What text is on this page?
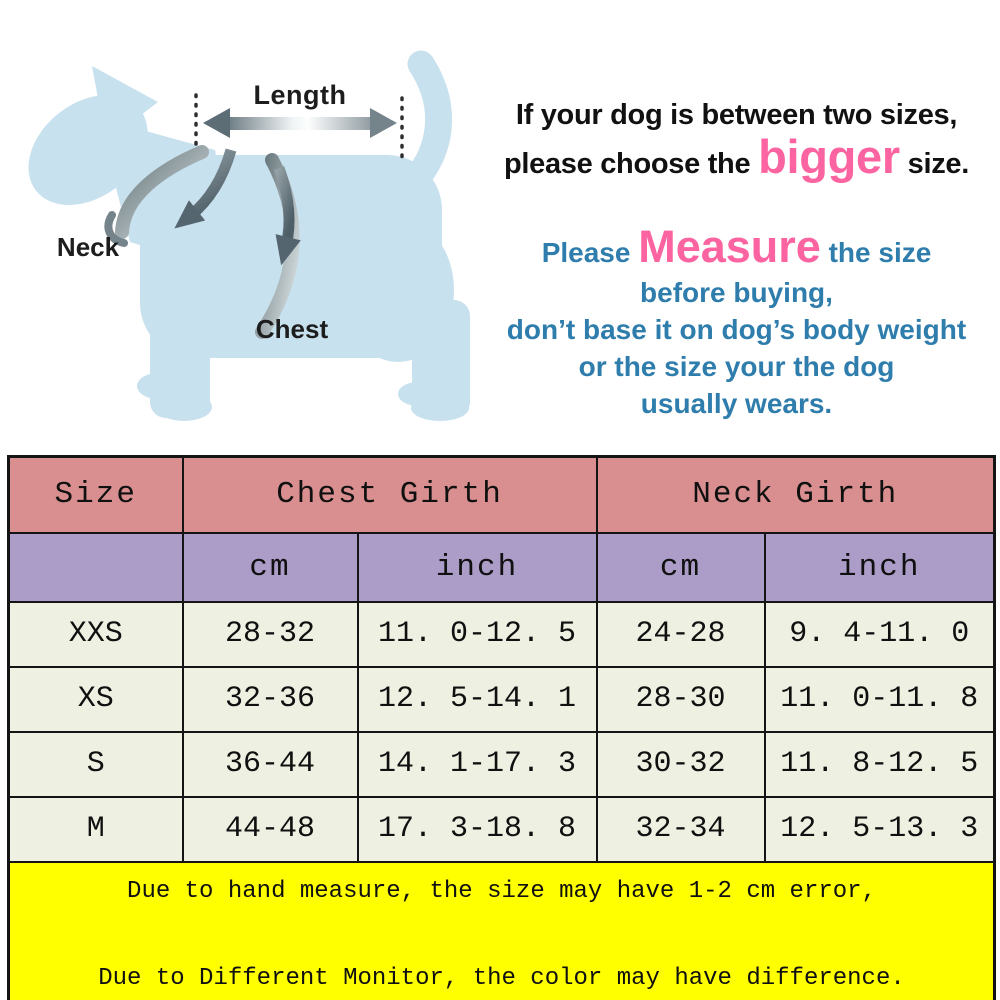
Length
Neck
Chest
If your dog is between two sizes,
please choose the bigger size.
Please Measure the size
before buying,
don’t base it on dog’s body weight
or the size your the dog
usually wears.
Size	Chest Girth		Neck Girth	
	cm	inch	cm	inch
XXS	28-32	11. 0-12. 5	24-28	9. 4-11. 0
XS	32-36	12. 5-14. 1	28-30	11. 0-11. 8
S	36-44	14. 1-17. 3	30-32	11. 8-12. 5
M	44-48	17. 3-18. 8	32-34	12. 5-13. 3

Due to hand measure, the size may have 1-2 cm error,
Due to Different Monitor, the color may have difference.				
